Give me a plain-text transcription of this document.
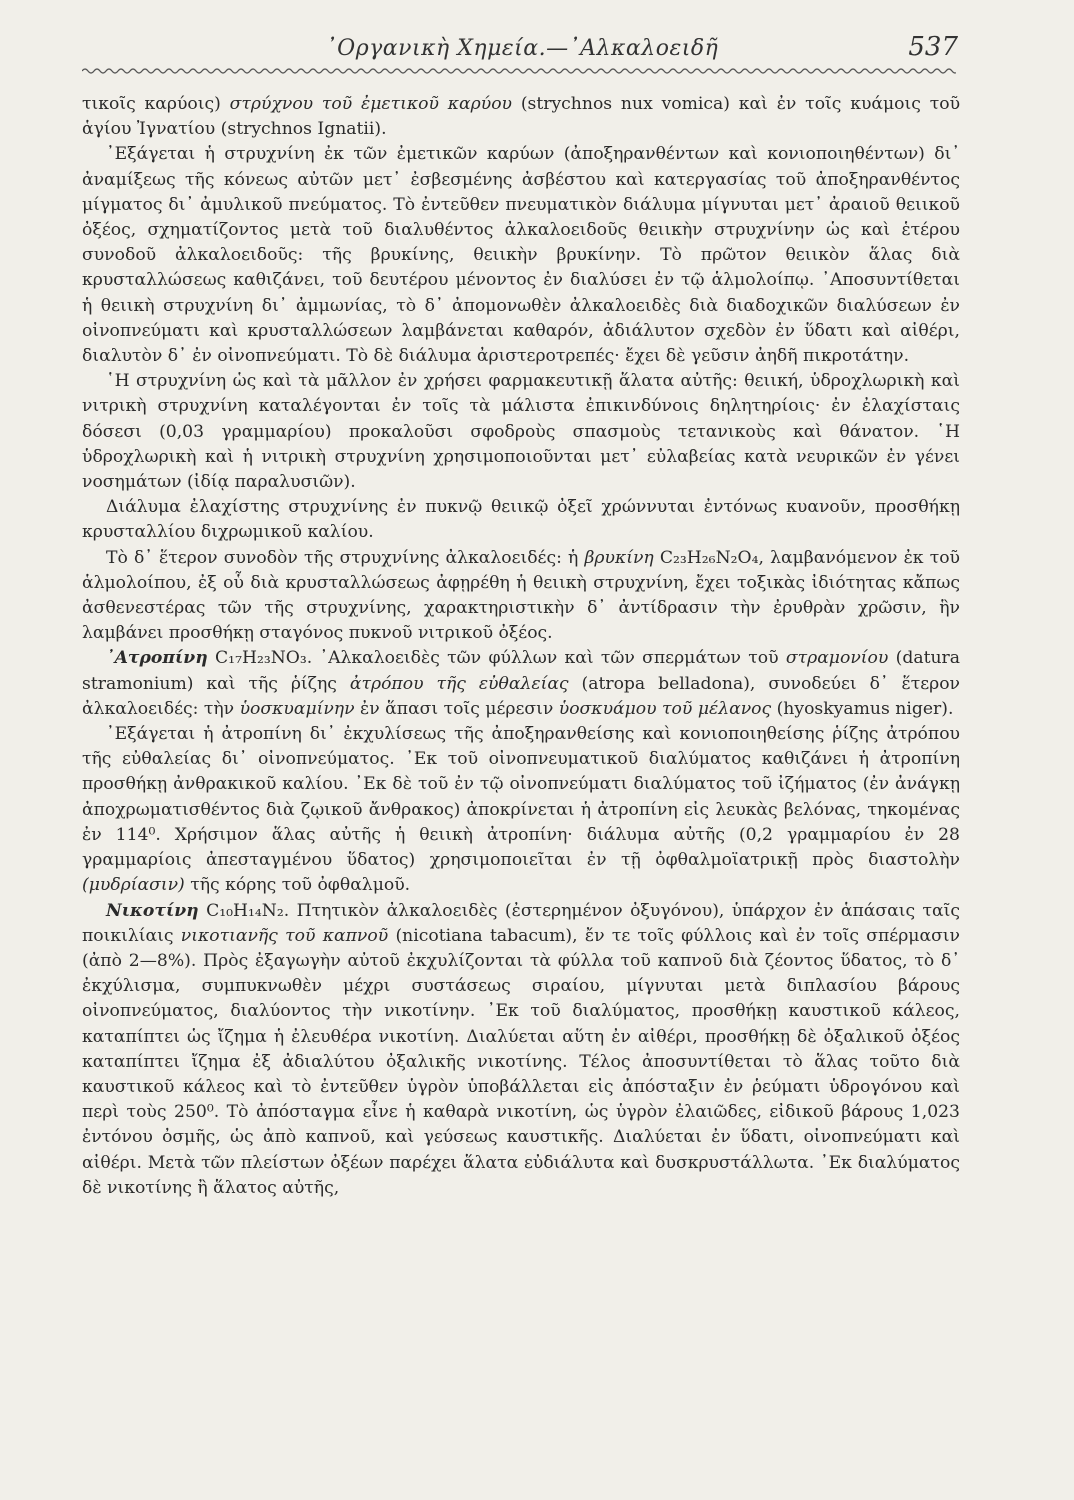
᾿Οργανικὴ Χημεία.—᾿Αλκαλοειδῆ	537

τικοῖς καρύοις) στρύχνου τοῦ ἐμετικοῦ καρύου (strychnos nux vomica) καὶ ἐν τοῖς κυάμοις τοῦ ἁγίου Ἰγνατίου (strychnos Ignatii).

᾿Εξάγεται ἡ στρυχνίνη ἐκ τῶν ἐμετικῶν καρύων (ἀποξηρανθέντων καὶ κονιοποιηθέντων) δι᾿ ἀναμίξεως τῆς κόνεως αὐτῶν μετ᾿ ἐσβεσμένης ἀσβέστου καὶ κατεργασίας τοῦ ἀποξηρανθέντος μίγματος δι᾿ ἀμυλικοῦ πνεύματος. Τὸ ἐντεῦθεν πνευματικὸν διάλυμα μίγνυται μετ᾿ ἀραιοῦ θειικοῦ ὀξέος, σχηματίζοντος μετὰ τοῦ διαλυθέντος ἀλκαλοειδοῦς θειικὴν στρυχνίνην ὡς καὶ ἑτέρου συνοδοῦ ἀλκαλοειδοῦς: τῆς βρυκίνης, θειικὴν βρυκίνην. Τὸ πρῶτον θειικὸν ἅλας διὰ κρυσταλλώσεως καθιζάνει, τοῦ δευτέρου μένοντος ἐν διαλύσει ἐν τῷ ἁλμολοίπῳ. ᾿Αποσυντίθεται ἡ θειικὴ στρυχνίνη δι᾿ ἀμμωνίας, τὸ δ᾿ ἀπομονωθὲν ἀλκαλοειδὲς διὰ διαδοχικῶν διαλύσεων ἐν οἰνοπνεύματι καὶ κρυσταλλώσεων λαμβάνεται καθαρόν, ἀδιάλυτον σχεδὸν ἐν ὕδατι καὶ αἰθέρι, διαλυτὸν δ᾿ ἐν οἰνοπνεύματι. Τὸ δὲ διάλυμα ἀριστεροτρεπές· ἔχει δὲ γεῦσιν ἀηδῆ πικροτάτην.

῾Η στρυχνίνη ὡς καὶ τὰ μᾶλλον ἐν χρήσει φαρμακευτικῇ ἅλατα αὐτῆς: θειική, ὑδροχλωρικὴ καὶ νιτρικὴ στρυχνίνη καταλέγονται ἐν τοῖς τὰ μάλιστα ἐπικινδύνοις δηλητηρίοις· ἐν ἐλαχίσταις δόσεσι (0,03 γραμμαρίου) προκαλοῦσι σφοδροὺς σπασμοὺς τετανικοὺς καὶ θάνατον. ῾Η ὑδροχλωρικὴ καὶ ἡ νιτρικὴ στρυχνίνη χρησιμοποιοῦνται μετ᾿ εὐλαβείας κατὰ νευρικῶν ἐν γένει νοσημάτων (ἰδίᾳ παραλυσιῶν).

Διάλυμα ἐλαχίστης στρυχνίνης ἐν πυκνῷ θειικῷ ὀξεῖ χρώννυται ἐντόνως κυανοῦν, προσθήκῃ κρυσταλλίου διχρωμικοῦ καλίου.

Τὸ δ᾿ ἕτερον συνοδὸν τῆς στρυχνίνης ἀλκαλοειδές: ἡ βρυκίνη C₂₃H₂₆N₂O₄, λαμβανόμενον ἐκ τοῦ ἁλμολοίπου, ἐξ οὗ διὰ κρυσταλλώσεως ἀφῃρέθη ἡ θειικὴ στρυχνίνη, ἔχει τοξικὰς ἰδιότητας κἄπως ἀσθενεστέρας τῶν τῆς στρυχνίνης, χαρακτηριστικὴν δ᾿ ἀντίδρασιν τὴν ἐρυθρὰν χρῶσιν, ἣν λαμβάνει προσθήκῃ σταγόνος πυκνοῦ νιτρικοῦ ὀξέος.

᾿Ατροπίνη C₁₇H₂₃NO₃. ᾿Αλκαλοειδὲς τῶν φύλλων καὶ τῶν σπερμάτων τοῦ στραμονίου (datura stramonium) καὶ τῆς ῥίζης ἀτρόπου τῆς εὐθαλείας (atropa belladona), συνοδεύει δ᾿ ἕτερον ἀλκαλοειδές: τὴν ὑοσκυαμίνην ἐν ἅπασι τοῖς μέρεσιν ὑοσκυάμου τοῦ μέλανος (hyoskyamus niger).

᾿Εξάγεται ἡ ἀτροπίνη δι᾿ ἐκχυλίσεως τῆς ἀποξηρανθείσης καὶ κονιοποιηθείσης ῥίζης ἀτρόπου τῆς εὐθαλείας δι᾿ οἰνοπνεύματος. ᾿Εκ τοῦ οἰνοπνευματικοῦ διαλύματος καθιζάνει ἡ ἀτροπίνη προσθήκῃ ἀνθρακικοῦ καλίου. ᾿Εκ δὲ τοῦ ἐν τῷ οἰνοπνεύματι διαλύματος τοῦ ἰζήματος (ἐν ἀνάγκῃ ἀποχρωματισθέντος διὰ ζῳικοῦ ἄνθρακος) ἀποκρίνεται ἡ ἀτροπίνη εἰς λευκὰς βελόνας, τηκομένας ἐν 114⁰. Χρήσιμον ἅλας αὐτῆς ἡ θειικὴ ἀτροπίνη· διάλυμα αὐτῆς (0,2 γραμμαρίου ἐν 28 γραμμαρίοις ἀπεσταγμένου ὕδατος) χρησιμοποιεῖται ἐν τῇ ὀφθαλμοϊατρικῇ πρὸς διαστολὴν (μυδρίασιν) τῆς κόρης τοῦ ὀφθαλμοῦ.

Νικοτίνη C₁₀H₁₄N₂. Πτητικὸν ἀλκαλοειδὲς (ἐστερημένον ὀξυγόνου), ὑπάρχον ἐν ἁπάσαις ταῖς ποικιλίαις νικοτιανῆς τοῦ καπνοῦ (nicotiana tabacum), ἔν τε τοῖς φύλλοις καὶ ἐν τοῖς σπέρμασιν (ἀπὸ 2—8%). Πρὸς ἐξαγωγὴν αὐτοῦ ἐκχυλίζονται τὰ φύλλα τοῦ καπνοῦ διὰ ζέοντος ὕδατος, τὸ δ᾿ ἐκχύλισμα, συμπυκνωθὲν μέχρι συστάσεως σιραίου, μίγνυται μετὰ διπλασίου βάρους οἰνοπνεύματος, διαλύοντος τὴν νικοτίνην. ᾿Εκ τοῦ διαλύματος, προσθήκῃ καυστικοῦ κάλεος, καταπίπτει ὡς ἴζημα ἡ ἐλευθέρα νικοτίνη. Διαλύεται αὕτη ἐν αἰθέρι, προσθήκῃ δὲ ὀξαλικοῦ ὀξέος καταπίπτει ἴζημα ἐξ ἀδιαλύτου ὀξαλικῆς νικοτίνης. Τέλος ἀποσυντίθεται τὸ ἅλας τοῦτο διὰ καυστικοῦ κάλεος καὶ τὸ ἐντεῦθεν ὑγρὸν ὑποβάλλεται εἰς ἀπόσταξιν ἐν ῥεύματι ὑδρογόνου καὶ περὶ τοὺς 250⁰. Τὸ ἀπόσταγμα εἶνε ἡ καθαρὰ νικοτίνη, ὡς ὑγρὸν ἐλαιῶδες, εἰδικοῦ βάρους 1,023 ἐντόνου ὀσμῆς, ὡς ἀπὸ καπνοῦ, καὶ γεύσεως καυστικῆς. Διαλύεται ἐν ὕδατι, οἰνοπνεύματι καὶ αἰθέρι. Μετὰ τῶν πλείστων ὀξέων παρέχει ἅλατα εὐδιάλυτα καὶ δυσκρυστάλλωτα. ᾿Εκ διαλύματος δὲ νικοτίνης ἢ ἅλατος αὐτῆς,
